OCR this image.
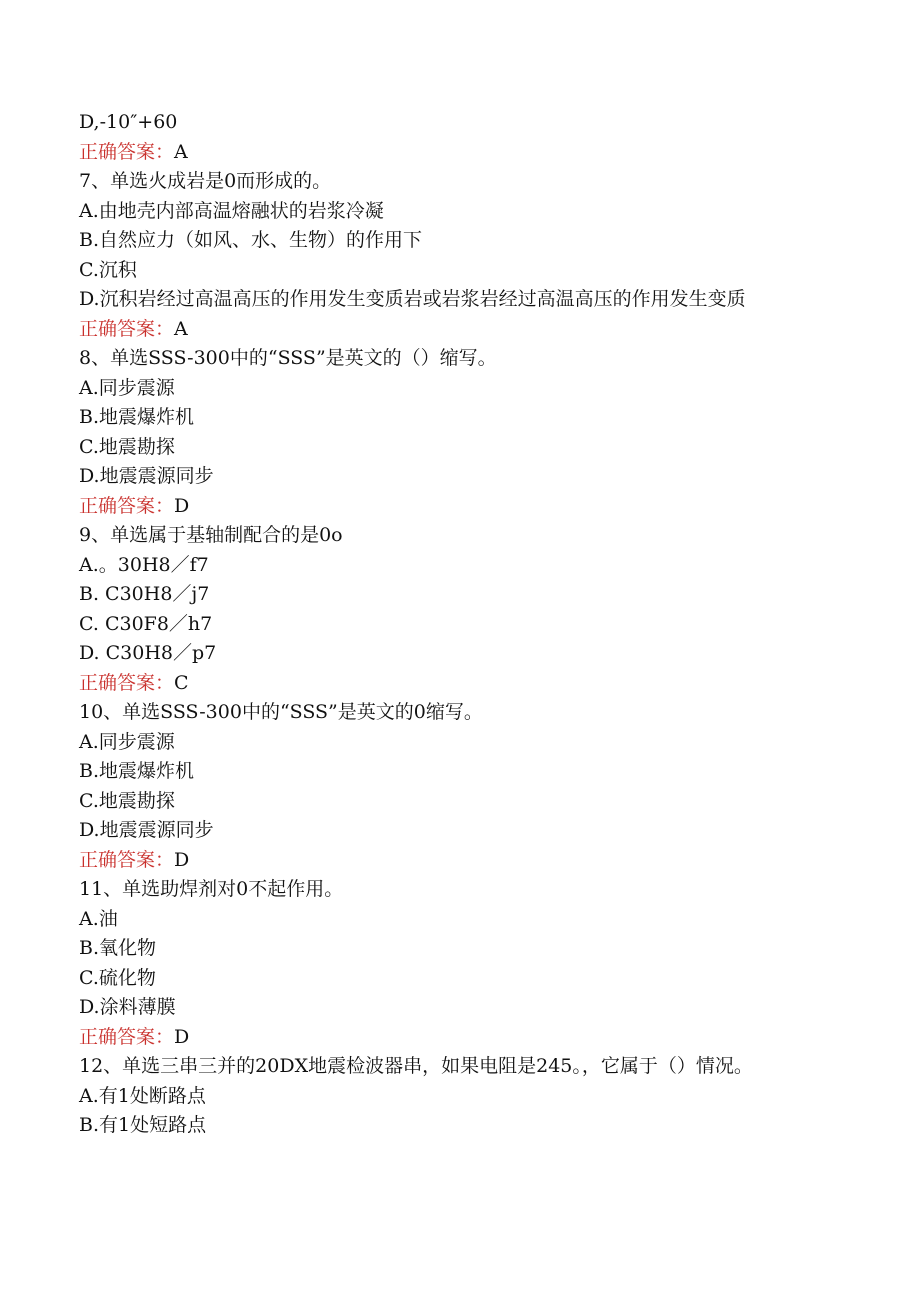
D,-10″+60
正确答案：A
7、单选火成岩是0而形成的。
A.由地壳内部高温熔融状的岩浆冷凝
B.自然应力（如风、水、生物）的作用下
C.沉积
D.沉积岩经过高温高压的作用发生变质岩或岩浆岩经过高温高压的作用发生变质
正确答案：A
8、单选SSS-300中的“SSS”是英文的（）缩写。
A.同步震源
B.地震爆炸机
C.地震勘探
D.地震震源同步
正确答案：D
9、单选属于基轴制配合的是0o
A.。30H8／f7
B. C30H8／j7
C. C30F8／h7
D. C30H8／p7
正确答案：C
10、单选SSS-300中的“SSS”是英文的0缩写。
A.同步震源
B.地震爆炸机
C.地震勘探
D.地震震源同步
正确答案：D
11、单选助焊剂对0不起作用。
A.油
B.氧化物
C.硫化物
D.涂料薄膜
正确答案：D
12、单选三串三并的20DX地震检波器串，如果电阻是245。，它属于（）情况。
A.有1处断路点
B.有1处短路点
